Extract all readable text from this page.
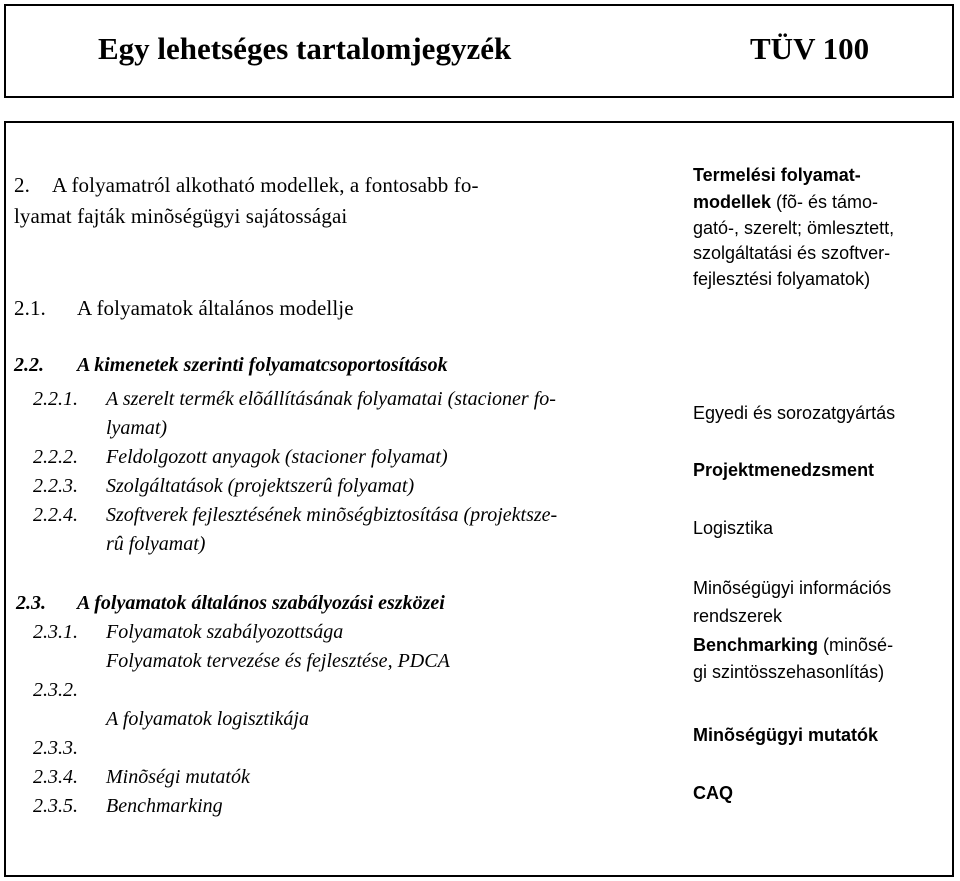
Egy lehetséges tartalomjegyzék	TÜV 100
2. A folyamatról alkotható modellek, a fontosabb fo-
lyamat fajták minõségügyi sajátosságai
2.1. A folyamatok általános modellje
2.2. A kimenetek szerinti folyamatcsoportosítások
2.2.1. A szerelt termék elõállításának folyamatai (stacioner fo-
lyamat)
2.2.2. Feldolgozott anyagok (stacioner folyamat)
2.2.3. Szolgáltatások (projektszerû folyamat)
2.2.4. Szoftverek fejlesztésének minõségbiztosítása (projektsze-
rû folyamat)
2.3. A folyamatok általános szabályozási eszközei
2.3.1. Folyamatok szabályozottsága
Folyamatok tervezése és fejlesztése, PDCA
2.3.2.
A folyamatok logisztikája
2.3.3.
2.3.4. Minõségi mutatók
2.3.5. Benchmarking
Termelési folyamat-
modellek (fõ- és támo-
gató-, szerelt; ömlesztett,
szolgáltatási és szoftver-
fejlesztési folyamatok)
Egyedi és sorozatgyártás
Projektmenedzsment
Logisztika
Minõségügyi információs
rendszerek
Benchmarking (minõsé-
gi szintösszehasonlítás)
Minõségügyi mutatók
CAQ
